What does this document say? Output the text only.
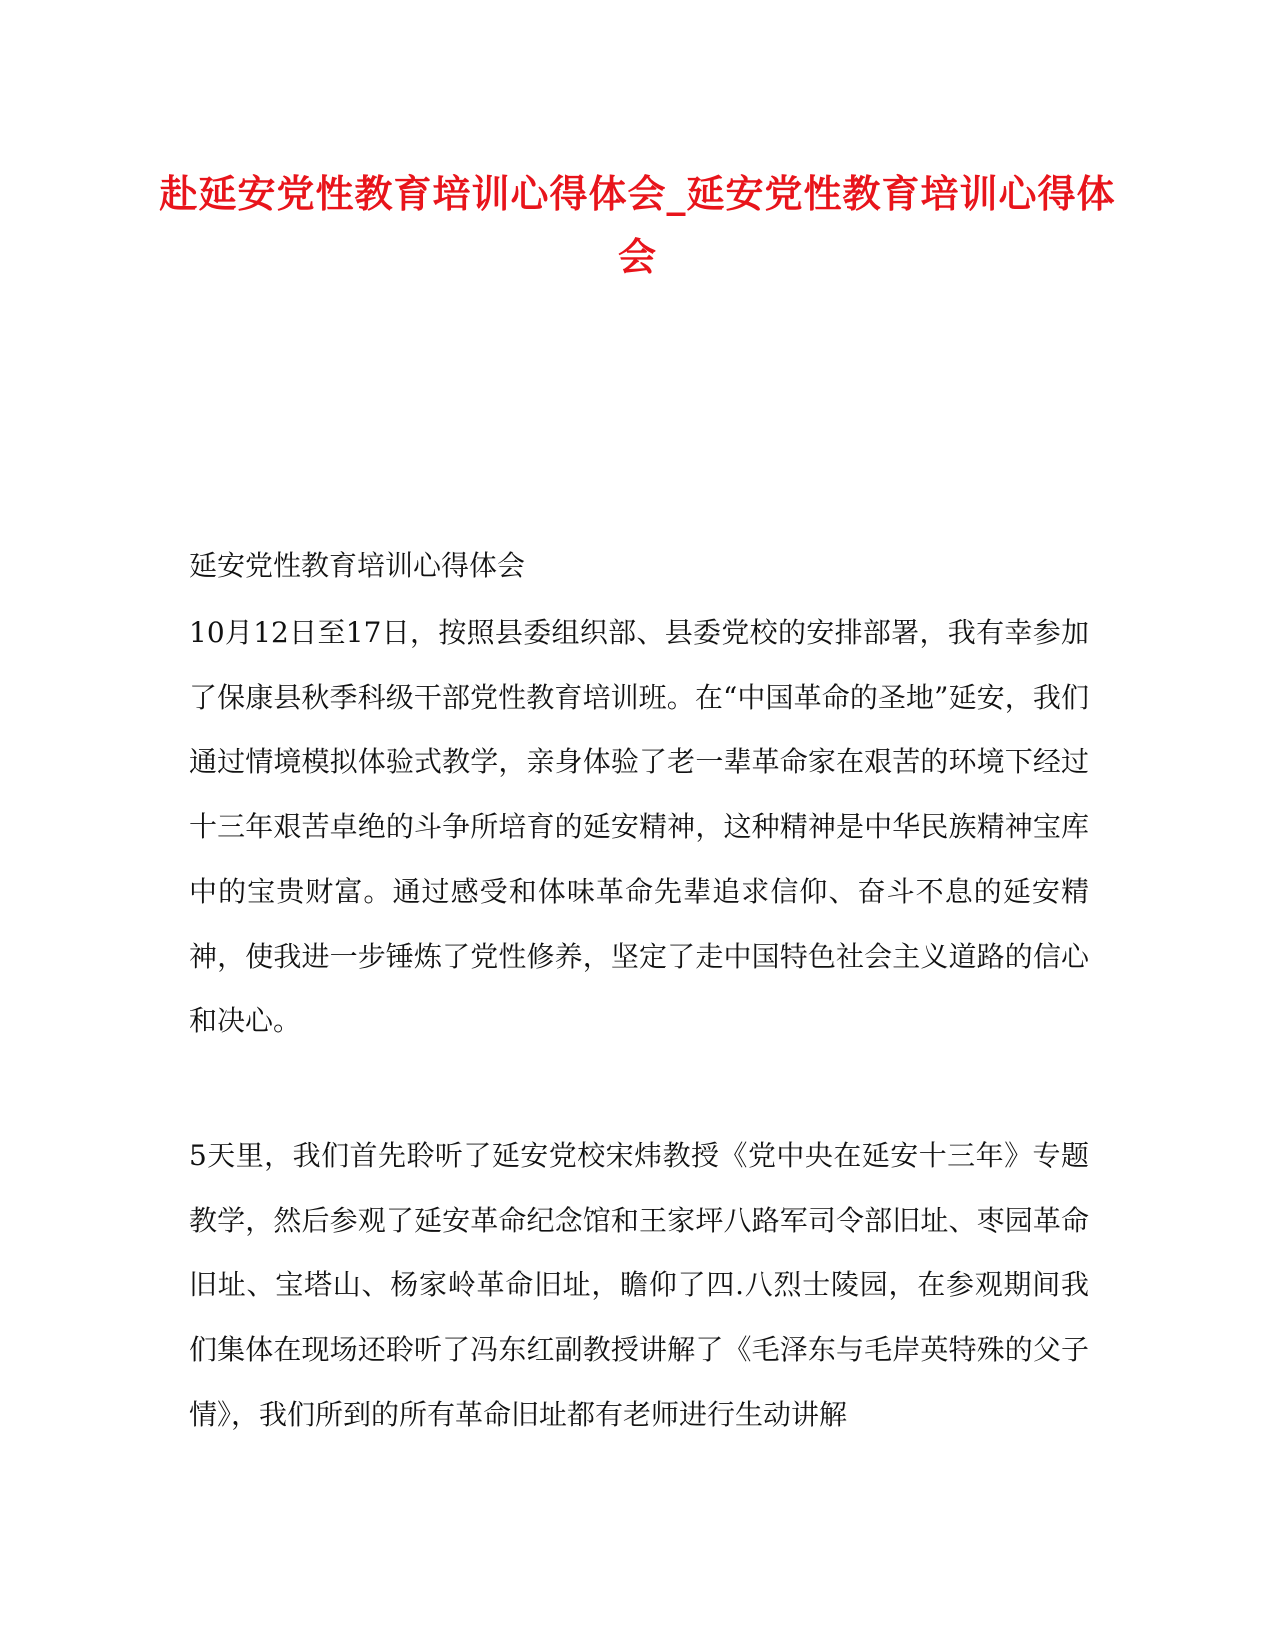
赴延安党性教育培训心得体会_延安党性教育培训心得体会
延安党性教育培训心得体会

10月12日至17日，按照县委组织部、县委党校的安排部署，我有幸参加了保康县秋季科级干部党性教育培训班。在“中国革命的圣地”延安，我们通过情境模拟体验式教学，亲身体验了老一辈革命家在艰苦的环境下经过十三年艰苦卓绝的斗争所培育的延安精神，这种精神是中华民族精神宝库中的宝贵财富。通过感受和体味革命先辈追求信仰、奋斗不息的延安精神，使我进一步锤炼了党性修养，坚定了走中国特色社会主义道路的信心和决心。

5天里，我们首先聆听了延安党校宋炜教授《党中央在延安十三年》专题教学，然后参观了延安革命纪念馆和王家坪八路军司令部旧址、枣园革命旧址、宝塔山、杨家岭革命旧址，瞻仰了四.八烈士陵园，在参观期间我们集体在现场还聆听了冯东红副教授讲解了《毛泽东与毛岸英特殊的父子情》，我们所到的所有革命旧址都有老师进行生动讲解
